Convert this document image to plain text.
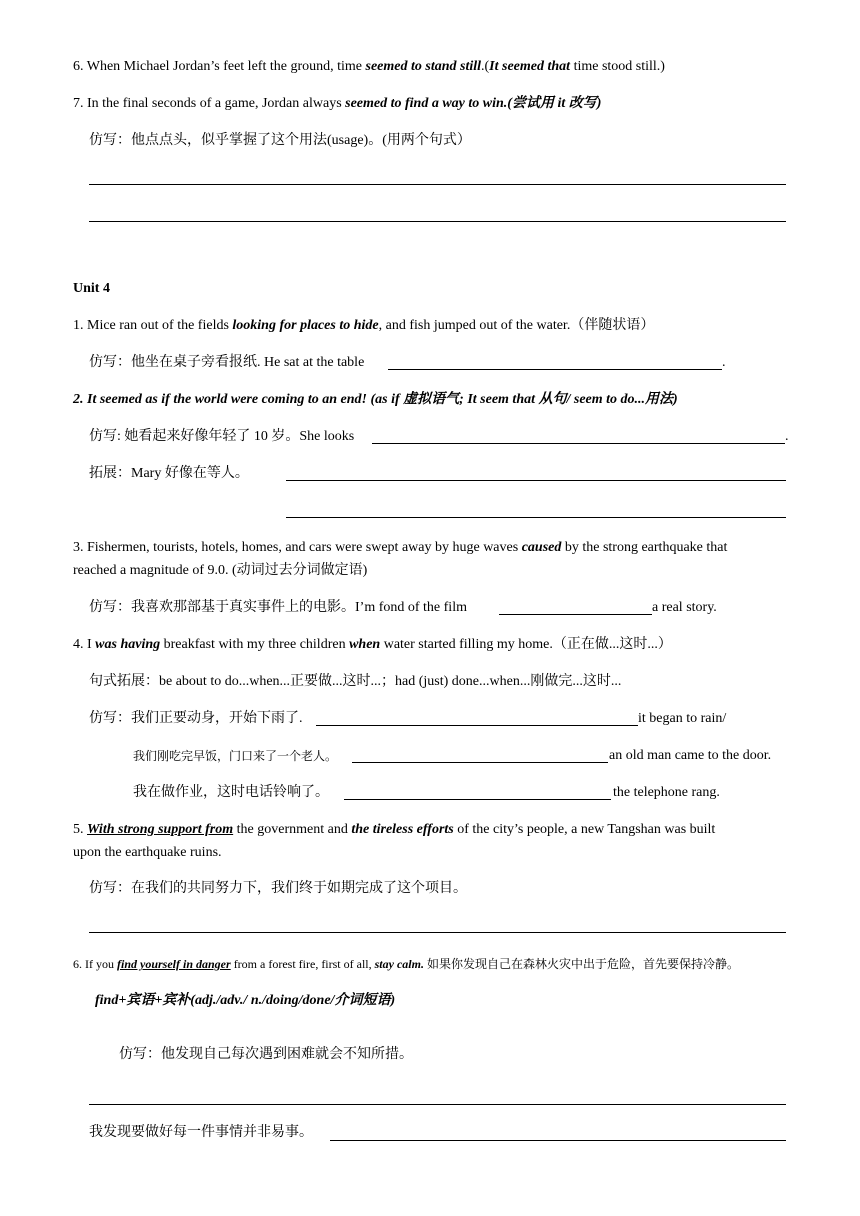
6. When Michael Jordan’s feet left the ground, time seemed to stand still.(It seemed that time stood still.)
7. In the final seconds of a game, Jordan always seemed to find a way to win.(尝试用 it 改写)
仿写：他点点头，似乎掌握了这个用法(usage)。(用两个句式）
Unit 4
1. Mice ran out of the fields looking for places to hide, and fish jumped out of the water.（伴随状语）
仿写：他坐在桌子旁看报纸. He sat at the table	.
2. It seemed as if the world were coming to an end! (as if 虚拟语气; It seem that 从句/ seem to do...用法)
仿写: 她看起来好像年轻了 10 岁。She looks	.
拓展：Mary 好像在等人。
3. Fishermen, tourists, hotels, homes, and cars were swept away by huge waves caused by the strong earthquake that
reached a magnitude of 9.0. (动词过去分词做定语)
仿写：我喜欢那部基于真实事件上的电影。I’m fond of the film	a real story.
4. I was having breakfast with my three children when water started filling my home.（正在做...这时...）
句式拓展：be about to do...when...正要做...这时...；had (just) done...when...刚做完...这时...
仿写：我们正要动身，开始下雨了.	it began to rain/
我们刚吃完早饭，门口来了一个老人。	an old man came to the door.
我在做作业，这时电话铃响了。	the telephone rang.
5. With strong support from the government and the tireless efforts of the city’s people, a new Tangshan was built
upon the earthquake ruins.
仿写：在我们的共同努力下，我们终于如期完成了这个项目。
6. If you find yourself in danger from a forest fire, first of all, stay calm. 如果你发现自己在森林火灾中出于危险，首先要保持冷静。
find+宾语+宾补(adj./adv./ n./doing/done/介词短语)
仿写：他发现自己每次遇到困难就会不知所措。
我发现要做好每一件事情并非易事。
